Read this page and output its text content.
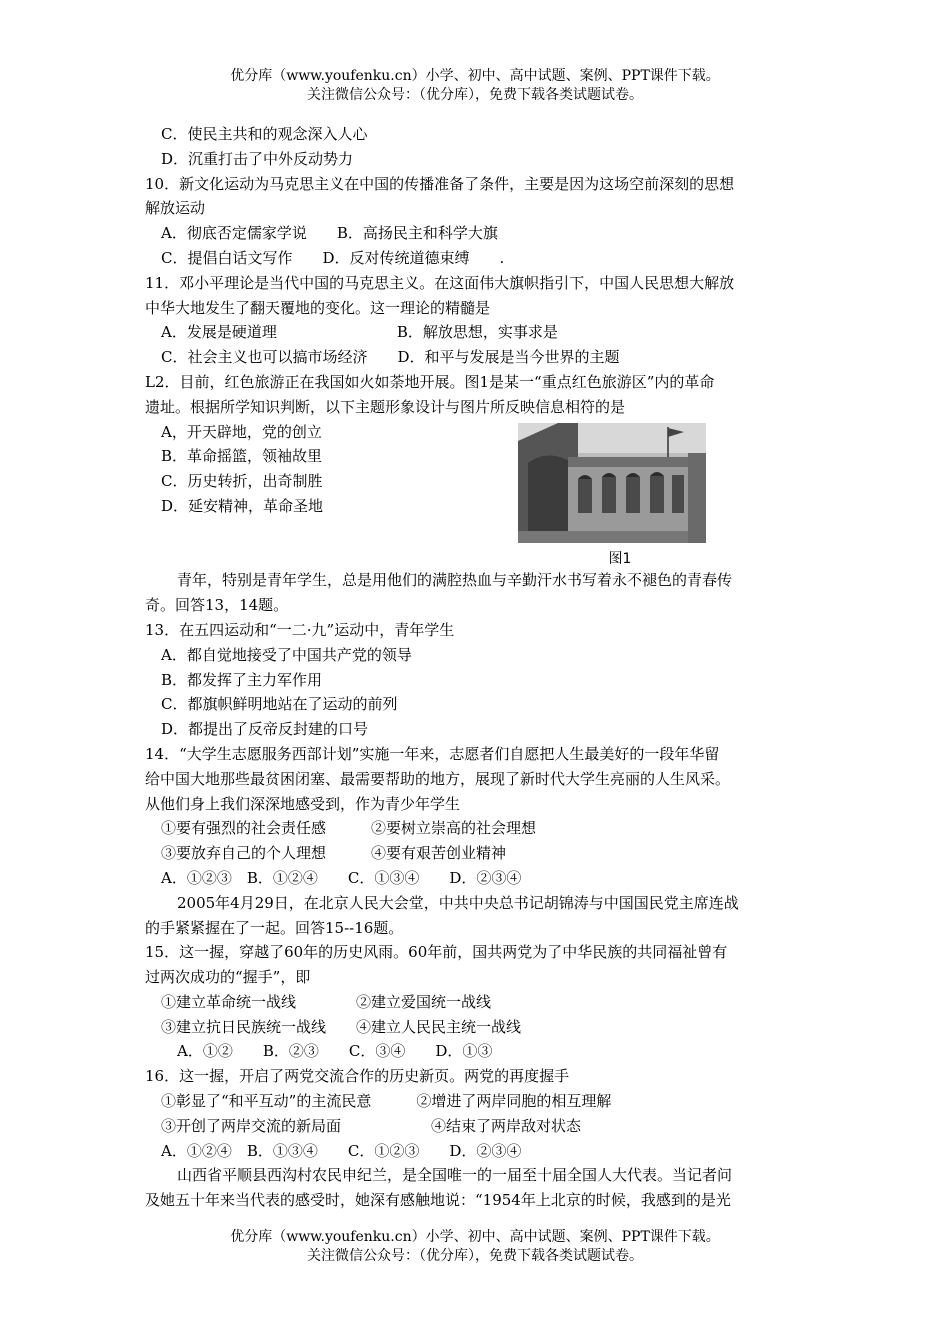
优分库（www.youfenku.cn）小学、初中、高中试题、案例、PPT课件下载。
关注微信公众号：（优分库），免费下载各类试题试卷。
C．使民主共和的观念深入人心
D．沉重打击了中外反动势力
10．新文化运动为马克思主义在中国的传播准备了条件，主要是因为这场空前深刻的思想
解放运动
A．彻底否定儒家学说　　B．高扬民主和科学大旗
C．提倡白话文写作　　D．反对传统道德束缚　　.
11．邓小平理论是当代中国的马克思主义。在这面伟大旗帜指引下，中国人民思想大解放
中华大地发生了翻天覆地的变化。这一理论的精髓是
A．发展是硬道理　　　　　　　　B．解放思想，实事求是
C．社会主义也可以搞市场经济　　D．和平与发展是当今世界的主题
L2．目前，红色旅游正在我国如火如荼地开展。图1是某一“重点红色旅游区”内的革命
遗址。根据所学知识判断，以下主题形象设计与图片所反映信息相符的是
A，开天辟地，党的创立
B．革命摇篮，领袖故里
C．历史转折，出奇制胜
D．延安精神，革命圣地
青年，特别是青年学生，总是用他们的满腔热血与辛勤汗水书写着永不褪色的青春传
奇。回答13，14题。
13．在五四运动和“一二·九”运动中，青年学生
A．都自觉地接受了中国共产党的领导
B．都发挥了主力军作用
C．都旗帜鲜明地站在了运动的前列
D．都提出了反帝反封建的口号
14．“大学生志愿服务西部计划”实施一年来，志愿者们自愿把人生最美好的一段年华留
给中国大地那些最贫困闭塞、最需要帮助的地方，展现了新时代大学生亮丽的人生风采。
从他们身上我们深深地感受到，作为青少年学生
①要有强烈的社会责任感　　　②要树立崇高的社会理想
③要放弃自己的个人理想　　　④要有艰苦创业精神
A．①②③　B．①②④　　C．①③④　　D．②③④
2005年4月29日，在北京人民大会堂，中共中央总书记胡锦涛与中国国民党主席连战
的手紧紧握在了一起。回答15--16题。
15．这一握，穿越了60年的历史风雨。60年前，国共两党为了中华民族的共同福祉曾有
过两次成功的“握手”，即
①建立革命统一战线　　　　②建立爱国统一战线
③建立抗日民族统一战线　　④建立人民民主统一战线
A．①②　　B．②③　　C．③④　　D．①③
16．这一握，开启了两党交流合作的历史新页。两党的再度握手
①彰显了“和平互动”的主流民意　　　②增进了两岸同胞的相互理解
③开创了两岸交流的新局面　　　　　　④结束了两岸敌对状态
A．①②④　B．①③④　　C．①②③　　D．②③④
山西省平顺县西沟村农民申纪兰，是全国唯一的一届至十届全国人大代表。当记者问
及她五十年来当代表的感受时，她深有感触地说：“1954年上北京的时候，我感到的是光
图1
优分库（www.youfenku.cn）小学、初中、高中试题、案例、PPT课件下载。
关注微信公众号：（优分库），免费下载各类试题试卷。
